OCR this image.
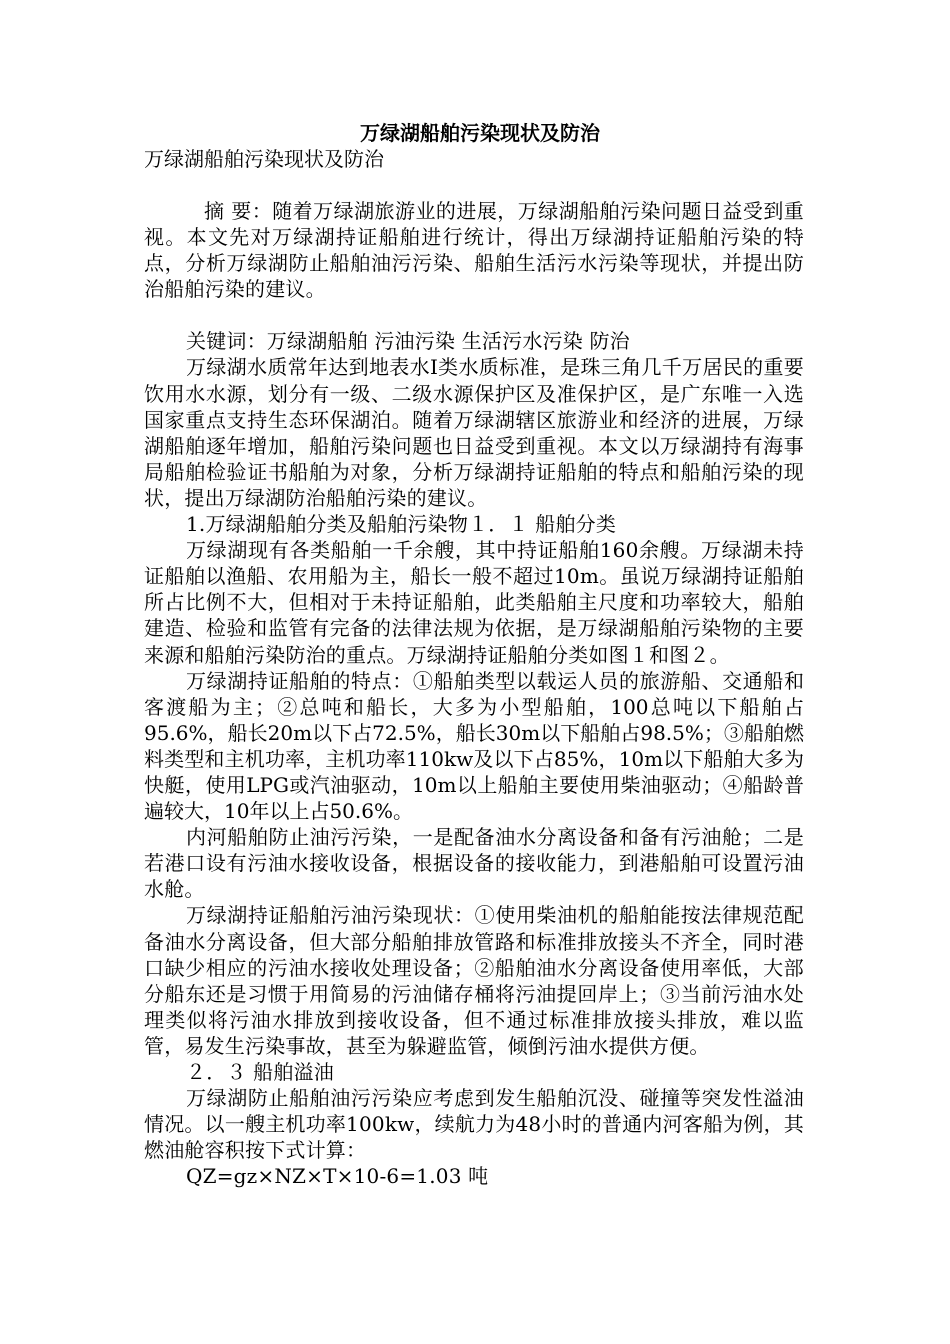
万绿湖船舶污染现状及防治
万绿湖船舶污染现状及防治

摘 要：随着万绿湖旅游业的进展，万绿湖船舶污染问题日益受到重视。本文先对万绿湖持证船舶进行统计，得出万绿湖持证船舶污染的特点，分析万绿湖防止船舶油污污染、船舶生活污水污染等现状，并提出防治船舶污染的建议。

关键词：万绿湖船舶 污油污染 生活污水污染 防治

万绿湖水质常年达到地表水Ⅰ类水质标准，是珠三角几千万居民的重要饮用水水源，划分有一级、二级水源保护区及准保护区，是广东唯一入选国家重点支持生态环保湖泊。随着万绿湖辖区旅游业和经济的进展，万绿湖船舶逐年增加，船舶污染问题也日益受到重视。本文以万绿湖持有海事局船舶检验证书船舶为对象，分析万绿湖持证船舶的特点和船舶污染的现状，提出万绿湖防治船舶污染的建议。

1.万绿湖船舶分类及船舶污染物１．１ 船舶分类

万绿湖现有各类船舶一千余艘，其中持证船舶160余艘。万绿湖未持证船舶以渔船、农用船为主，船长一般不超过10m。虽说万绿湖持证船舶所占比例不大，但相对于未持证船舶，此类船舶主尺度和功率较大，船舶建造、检验和监管有完备的法律法规为依据，是万绿湖船舶污染物的主要来源和船舶污染防治的重点。万绿湖持证船舶分类如图１和图２。

万绿湖持证船舶的特点：①船舶类型以载运人员的旅游船、交通船和客渡船为主；②总吨和船长，大多为小型船舶，100总吨以下船舶占95.6%，船长20m以下占72.5%，船长30m以下船舶占98.5%；③船舶燃料类型和主机功率，主机功率110kw及以下占85%，10m以下船舶大多为快艇，使用LPG或汽油驱动，10m以上船舶主要使用柴油驱动；④船龄普遍较大，10年以上占50.6%。

内河船舶防止油污污染，一是配备油水分离设备和备有污油舱；二是若港口设有污油水接收设备，根据设备的接收能力，到港船舶可设置污油水舱。

万绿湖持证船舶污油污染现状：①使用柴油机的船舶能按法律规范配备油水分离设备，但大部分船舶排放管路和标准排放接头不齐全，同时港口缺少相应的污油水接收处理设备；②船舶油水分离设备使用率低，大部分船东还是习惯于用简易的污油储存桶将污油提回岸上；③当前污油水处理类似将污油水排放到接收设备，但不通过标准排放接头排放，难以监管，易发生污染事故，甚至为躲避监管，倾倒污油水提供方便。

２．３ 船舶溢油

万绿湖防止船舶油污污染应考虑到发生船舶沉没、碰撞等突发性溢油情况。以一艘主机功率100kw，续航力为48小时的普通内河客船为例，其燃油舱容积按下式计算：

QZ=gz×NZ×T×10-6=1.03 吨
